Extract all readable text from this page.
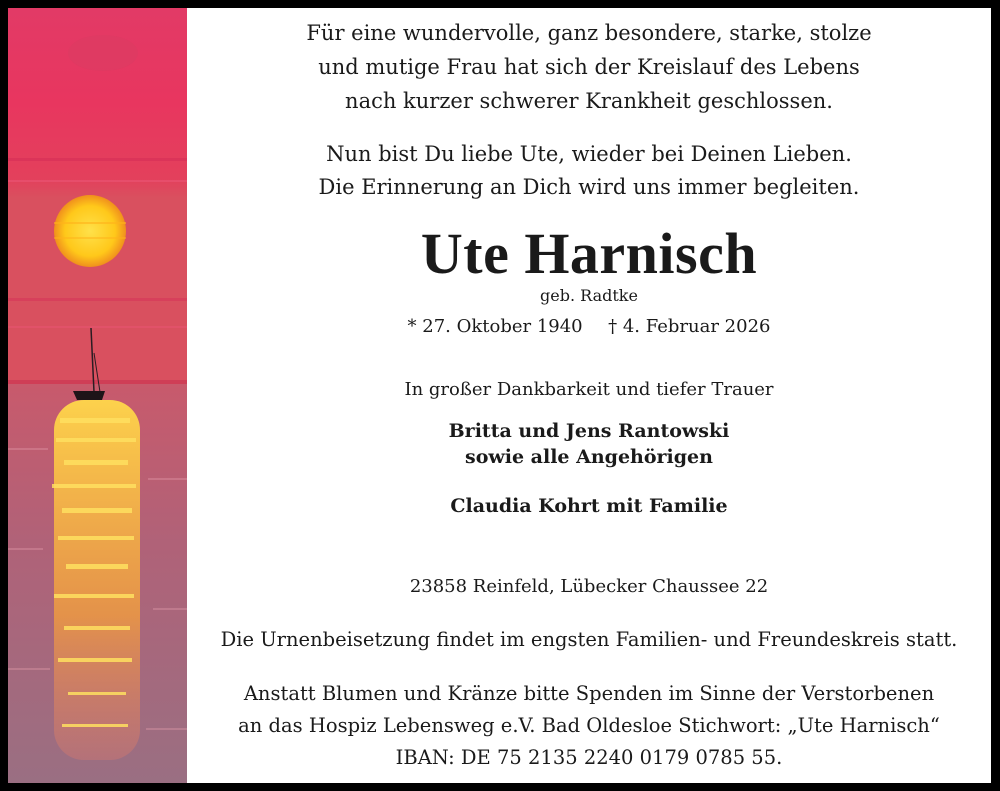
Für eine wundervolle, ganz besondere, starke, stolze
und mutige Frau hat sich der Kreislauf des Lebens
nach kurzer schwerer Krankheit geschlossen.
Nun bist Du liebe Ute, wieder bei Deinen Lieben.
Die Erinnerung an Dich wird uns immer begleiten.
Ute Harnisch
geb. Radtke
* 27. Oktober 1940 † 4. Februar 2026
In großer Dankbarkeit und tiefer Trauer
Britta und Jens Rantowski
sowie alle Angehörigen
Claudia Kohrt mit Familie
23858 Reinfeld, Lübecker Chaussee 22
Die Urnenbeisetzung findet im engsten Familien- und Freundeskreis statt.
Anstatt Blumen und Kränze bitte Spenden im Sinne der Verstorbenen
an das Hospiz Lebensweg e.V. Bad Oldesloe Stichwort: „Ute Harnisch“
IBAN: DE 75 2135 2240 0179 0785 55.
